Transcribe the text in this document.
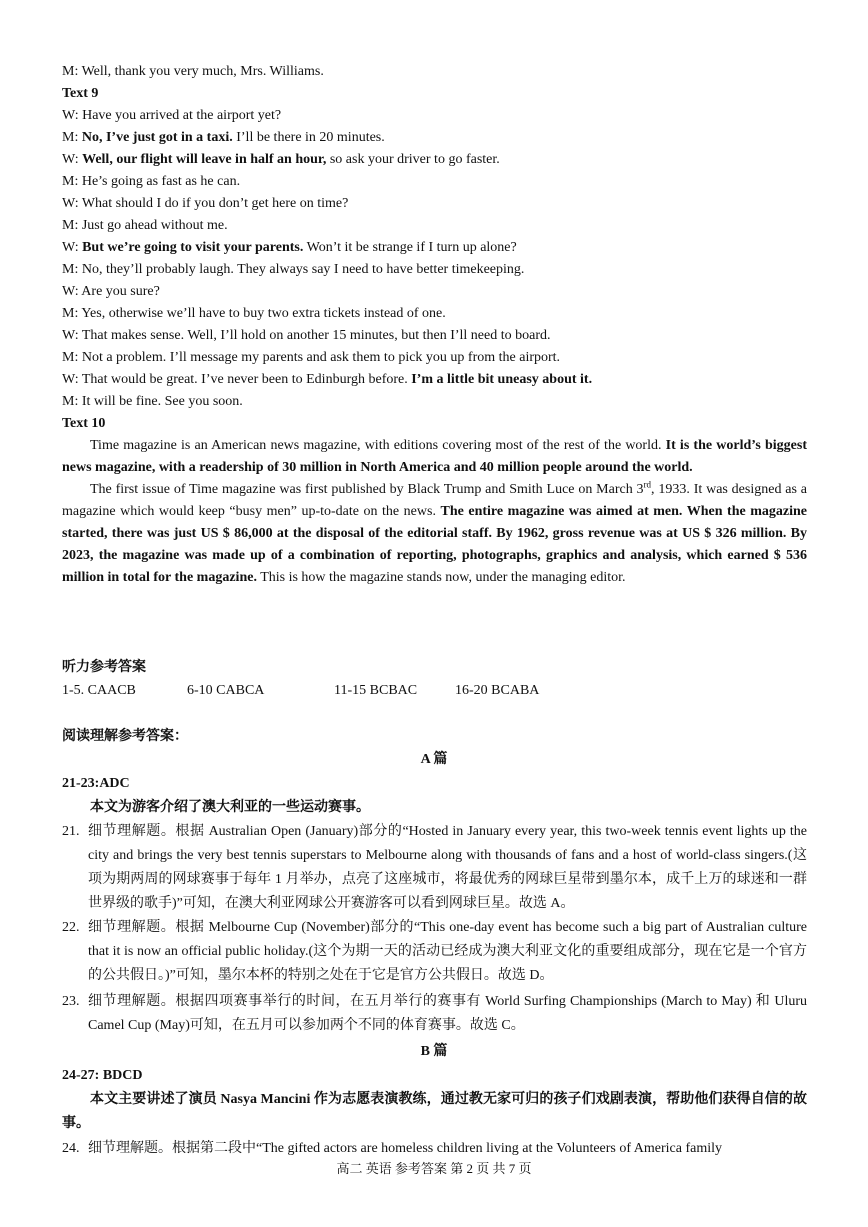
M: Well, thank you very much, Mrs. Williams.
Text 9
W: Have you arrived at the airport yet?
M: No, I’ve just got in a taxi. I’ll be there in 20 minutes.
W: Well, our flight will leave in half an hour, so ask your driver to go faster.
M: He’s going as fast as he can.
W: What should I do if you don’t get here on time?
M: Just go ahead without me.
W: But we’re going to visit your parents. Won’t it be strange if I turn up alone?
M: No, they’ll probably laugh. They always say I need to have better timekeeping.
W: Are you sure?
M: Yes, otherwise we’ll have to buy two extra tickets instead of one.
W: That makes sense. Well, I’ll hold on another 15 minutes, but then I’ll need to board.
M: Not a problem. I’ll message my parents and ask them to pick you up from the airport.
W: That would be great. I’ve never been to Edinburgh before. I’m a little bit uneasy about it.
M: It will be fine. See you soon.
Text 10

Time magazine is an American news magazine, with editions covering most of the rest of the world. It is the world’s biggest news magazine, with a readership of 30 million in North America and 40 million people around the world.

The first issue of Time magazine was first published by Black Trump and Smith Luce on March 3rd, 1933. It was designed as a magazine which would keep “busy men” up-to-date on the news. The entire magazine was aimed at men. When the magazine started, there was just US $ 86,000 at the disposal of the editorial staff. By 1962, gross revenue was at US $ 326 million. By 2023, the magazine was made up of a combination of reporting, photographs, graphics and analysis, which earned $ 536 million in total for the magazine. This is how the magazine stands now, under the managing editor.

听力参考答案
1-5. CAACB	6-10 CABCA	11-15 BCBAC	16-20 BCABA
阅读理解参考答案：
A 篇
21-23:ADC
本文为游客介绍了澳大利亚的一些运动赛事。
21. 细节理解题。根据 Australian Open (January)部分的“Hosted in January every year, this two-week tennis event lights up the city and brings the very best tennis superstars to Melbourne along with thousands of fans and a host of world-class singers.(这项为期两周的网球赛事于每年 1 月举办，点亮了这座城市，将最优秀的网球巨星带到墨尔本，成千上万的球迷和一群世界级的歌手)”可知，在澳大利亚网球公开赛游客可以看到网球巨星。故选 A。
22. 细节理解题。根据 Melbourne Cup (November)部分的“This one-day event has become such a big part of Australian culture that it is now an official public holiday.(这个为期一天的活动已经成为澳大利亚文化的重要组成部分，现在它是一个官方的公共假日。)”可知，墨尔本杯的特别之处在于它是官方公共假日。故选 D。
23. 细节理解题。根据四项赛事举行的时间，在五月举行的赛事有 World Surfing Championships (March to May) 和 Uluru Camel Cup (May)可知，在五月可以参加两个不同的体育赛事。故选 C。
B 篇
24-27: BDCD
本文主要讲述了演员 Nasya Mancini 作为志愿表演教练，通过教无家可归的孩子们戏剧表演，帮助他们获得自信的故事。
24. 细节理解题。根据第二段中“The gifted actors are homeless children living at the Volunteers of America family
高二 英语 参考答案 第 2 页 共 7 页
